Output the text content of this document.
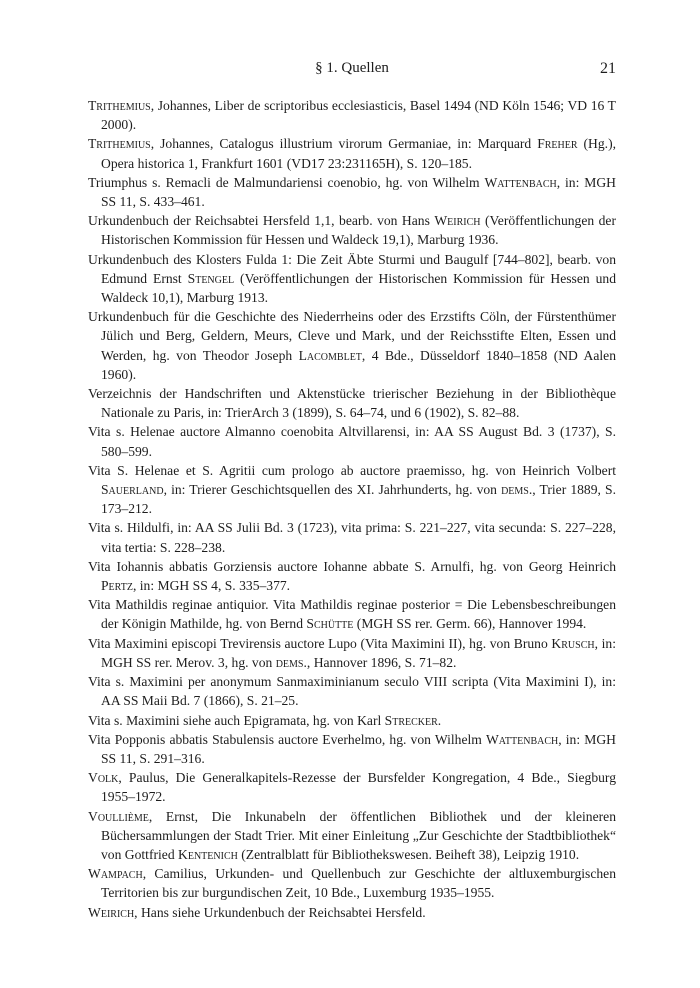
§ 1. Quellen	21

Trithemius, Johannes, Liber de scriptoribus ecclesiasticis, Basel 1494 (ND Köln 1546; VD 16 T 2000).

Trithemius, Johannes, Catalogus illustrium virorum Germaniae, in: Marquard Freher (Hg.), Opera historica 1, Frankfurt 1601 (VD17 23:231165H), S. 120–185.

Triumphus s. Remacli de Malmundariensi coenobio, hg. von Wilhelm Wattenbach, in: MGH SS 11, S. 433–461.

Urkundenbuch der Reichsabtei Hersfeld 1,1, bearb. von Hans Weirich (Veröffentlichungen der Historischen Kommission für Hessen und Waldeck 19,1), Marburg 1936.

Urkundenbuch des Klosters Fulda 1: Die Zeit Äbte Sturmi und Baugulf [744–802], bearb. von Edmund Ernst Stengel (Veröffentlichungen der Historischen Kommission für Hessen und Waldeck 10,1), Marburg 1913.

Urkundenbuch für die Geschichte des Niederrheins oder des Erzstifts Cöln, der Fürstenthümer Jülich und Berg, Geldern, Meurs, Cleve und Mark, und der Reichsstifte Elten, Essen und Werden, hg. von Theodor Joseph Lacomblet, 4 Bde., Düsseldorf 1840–1858 (ND Aalen 1960).

Verzeichnis der Handschriften und Aktenstücke trierischer Beziehung in der Bibliothèque Nationale zu Paris, in: TrierArch 3 (1899), S. 64–74, und 6 (1902), S. 82–88.

Vita s. Helenae auctore Almanno coenobita Altvillarensi, in: AA SS August Bd. 3 (1737), S. 580–599.

Vita S. Helenae et S. Agritii cum prologo ab auctore praemisso, hg. von Heinrich Volbert Sauerland, in: Trierer Geschichtsquellen des XI. Jahrhunderts, hg. von dems., Trier 1889, S. 173–212.

Vita s. Hildulfi, in: AA SS Julii Bd. 3 (1723), vita prima: S. 221–227, vita secunda: S. 227–228, vita tertia: S. 228–238.

Vita Iohannis abbatis Gorziensis auctore Iohanne abbate S. Arnulfi, hg. von Georg Heinrich Pertz, in: MGH SS 4, S. 335–377.

Vita Mathildis reginae antiquior. Vita Mathildis reginae posterior = Die Lebensbeschreibungen der Königin Mathilde, hg. von Bernd Schütte (MGH SS rer. Germ. 66), Hannover 1994.

Vita Maximini episcopi Trevirensis auctore Lupo (Vita Maximini II), hg. von Bruno Krusch, in: MGH SS rer. Merov. 3, hg. von dems., Hannover 1896, S. 71–82.

Vita s. Maximini per anonymum Sanmaximinianum seculo VIII scripta (Vita Maximini I), in: AA SS Maii Bd. 7 (1866), S. 21–25.

Vita s. Maximini siehe auch Epigramata, hg. von Karl Strecker.

Vita Popponis abbatis Stabulensis auctore Everhelmo, hg. von Wilhelm Wattenbach, in: MGH SS 11, S. 291–316.

Volk, Paulus, Die Generalkapitels-Rezesse der Bursfelder Kongregation, 4 Bde., Siegburg 1955–1972.

Voullième, Ernst, Die Inkunabeln der öffentlichen Bibliothek und der kleineren Büchersammlungen der Stadt Trier. Mit einer Einleitung „Zur Geschichte der Stadtbibliothek“ von Gottfried Kentenich (Zentralblatt für Bibliothekswesen. Beiheft 38), Leipzig 1910.

Wampach, Camilius, Urkunden- und Quellenbuch zur Geschichte der altluxemburgischen Territorien bis zur burgundischen Zeit, 10 Bde., Luxemburg 1935–1955.

Weirich, Hans siehe Urkundenbuch der Reichsabtei Hersfeld.
